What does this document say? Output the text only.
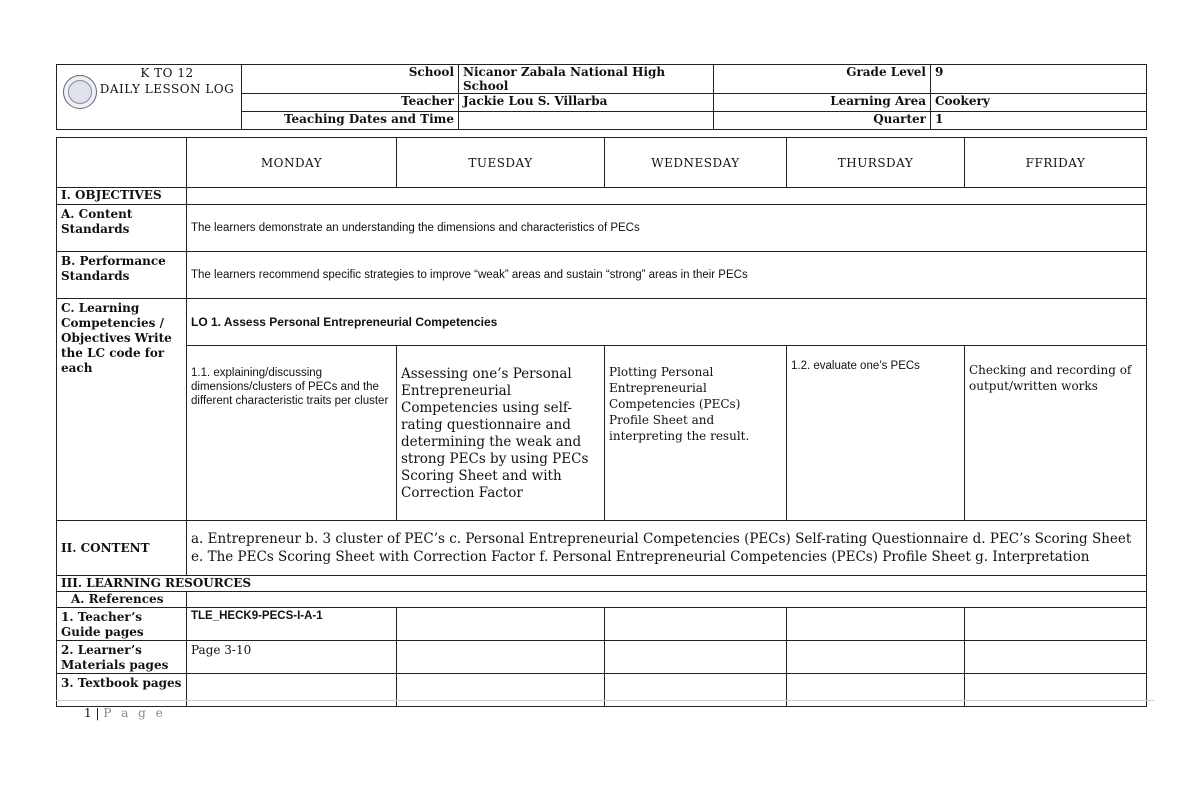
K TO 12
DAILY LESSON LOG	School	Nicanor Zabala National High School	Grade Level	9
	Teacher	Jackie Lou S. Villarba	Learning Area	Cookery
	Teaching Dates and Time		Quarter	1
	MONDAY	TUESDAY	WEDNESDAY	THURSDAY	FFRIDAY
I. OBJECTIVES					
A. Content Standards	The learners demonstrate an understanding the dimensions and characteristics of PECs				
B. Performance Standards	The learners recommend specific strategies to improve “weak” areas and sustain “strong” areas in their PECs				
C. Learning Competencies / Objectives Write the LC code for each	LO 1. Assess Personal Entrepreneurial Competencies				
	1.1. explaining/discussing dimensions/clusters of PECs and the different characteristic traits per cluster	Assessing one’s Personal Entrepreneurial Competencies using self-rating questionnaire and determining the weak and strong PECs by using PECs Scoring Sheet and with Correction Factor	Plotting Personal Entrepreneurial Competencies (PECs) Profile Sheet and interpreting the result.	1.2. evaluate one’s PECs	Checking and recording of output/written works
II. CONTENT	a. Entrepreneur b. 3 cluster of PEC’s c. Personal Entrepreneurial Competencies (PECs) Self-rating Questionnaire d. PEC’s Scoring Sheet
e. The PECs Scoring Sheet with Correction Factor f. Personal Entrepreneurial Competencies (PECs) Profile Sheet g. Interpretation				

III. LEARNING RESOURCES					
A. References					
1. Teacher’s Guide pages	TLE_HECK9-PECS-I-A-1				
2. Learner’s Materials pages	Page 3-10				
3. Textbook pages					
1 | P a g e
